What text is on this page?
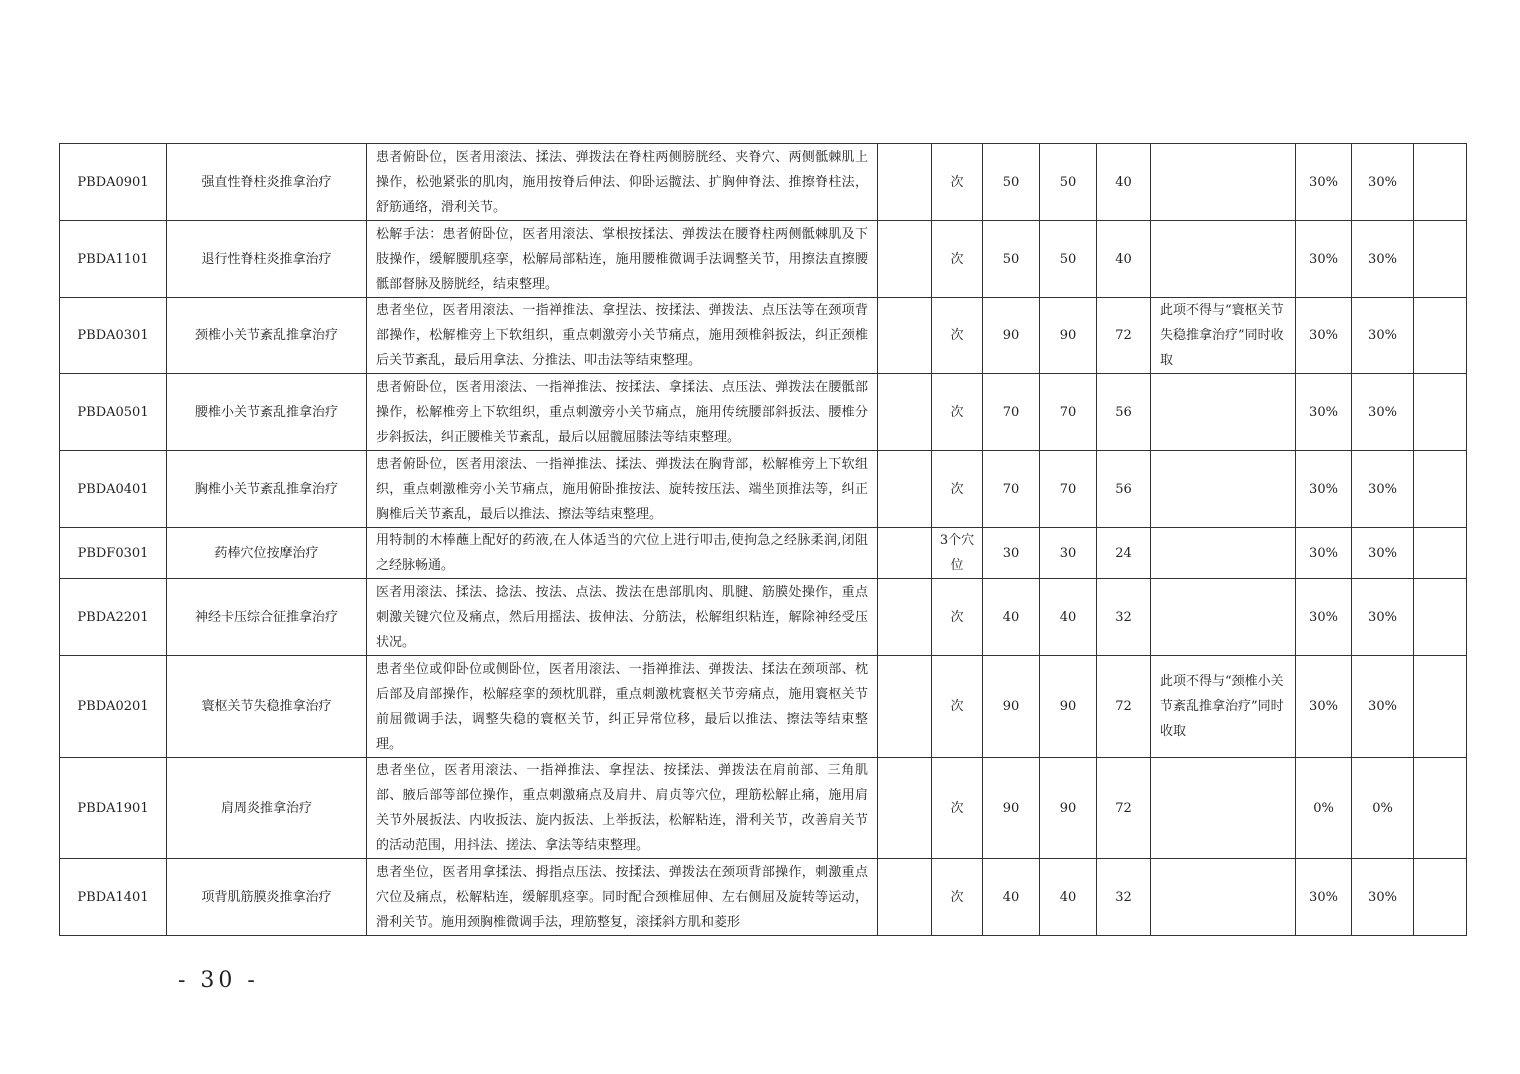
PBDA0901	强直性脊柱炎推拿治疗	患者俯卧位，医者用滚法、揉法、弹拨法在脊柱两侧膀胱经、夹脊穴、两侧骶棘肌上操作，松弛紧张的肌肉，施用按脊后伸法、仰卧运髋法、扩胸伸脊法、推擦脊柱法，舒筋通络，滑利关节。		次	50	50	40		30%	30%	
PBDA1101	退行性脊柱炎推拿治疗	松解手法：患者俯卧位，医者用滚法、掌根按揉法、弹拨法在腰脊柱两侧骶棘肌及下肢操作，缓解腰肌痉挛，松解局部粘连，施用腰椎微调手法调整关节，用擦法直擦腰骶部督脉及膀胱经，结束整理。		次	50	50	40		30%	30%	
PBDA0301	颈椎小关节紊乱推拿治疗	患者坐位，医者用滚法、一指禅推法、拿捏法、按揉法、弹拨法、点压法等在颈项背部操作，松解椎旁上下软组织，重点刺激旁小关节痛点，施用颈椎斜扳法，纠正颈椎后关节紊乱，最后用拿法、分推法、叩击法等结束整理。		次	90	90	72	此项不得与“寰枢关节失稳推拿治疗”同时收取	30%	30%	
PBDA0501	腰椎小关节紊乱推拿治疗	患者俯卧位，医者用滚法、一指禅推法、按揉法、拿揉法、点压法、弹拨法在腰骶部操作，松解椎旁上下软组织，重点刺激旁小关节痛点，施用传统腰部斜扳法、腰椎分步斜扳法，纠正腰椎关节紊乱，最后以屈髋屈膝法等结束整理。		次	70	70	56		30%	30%	
PBDA0401	胸椎小关节紊乱推拿治疗	患者俯卧位，医者用滚法、一指禅推法、揉法、弹拨法在胸背部，松解椎旁上下软组织，重点刺激椎旁小关节痛点，施用俯卧推按法、旋转按压法、端坐顶推法等，纠正胸椎后关节紊乱，最后以推法、擦法等结束整理。		次	70	70	56		30%	30%	
PBDF0301	药棒穴位按摩治疗	用特制的木棒蘸上配好的药液,在人体适当的穴位上进行叩击,使拘急之经脉柔润,闭阻之经脉畅通。		3个穴位	30	30	24		30%	30%	
PBDA2201	神经卡压综合征推拿治疗	医者用滚法、揉法、捻法、按法、点法、拨法在患部肌肉、肌腱、筋膜处操作，重点刺激关键穴位及痛点，然后用摇法、拔伸法、分筋法，松解组织粘连，解除神经受压状况。		次	40	40	32		30%	30%	
PBDA0201	寰枢关节失稳推拿治疗	患者坐位或仰卧位或侧卧位，医者用滚法、一指禅推法、弹拨法、揉法在颈项部、枕后部及肩部操作，松解痉挛的颈枕肌群，重点刺激枕寰枢关节旁痛点，施用寰枢关节前屈微调手法，调整失稳的寰枢关节，纠正异常位移，最后以推法、擦法等结束整理。		次	90	90	72	此项不得与“颈椎小关节紊乱推拿治疗”同时收取	30%	30%	
PBDA1901	肩周炎推拿治疗	患者坐位，医者用滚法、一指禅推法、拿捏法、按揉法、弹拨法在肩前部、三角肌部、腋后部等部位操作，重点刺激痛点及肩井、肩贞等穴位，理筋松解止痛，施用肩关节外展扳法、内收扳法、旋内扳法、上举扳法，松解粘连，滑利关节，改善肩关节的活动范围，用抖法、搓法、拿法等结束整理。		次	90	90	72		0%	0%	
PBDA1401	项背肌筋膜炎推拿治疗	患者坐位，医者用拿揉法、拇指点压法、按揉法、弹拨法在颈项背部操作，刺激重点穴位及痛点，松解粘连，缓解肌痉挛。同时配合颈椎屈伸、左右侧屈及旋转等运动，滑利关节。施用颈胸椎微调手法，理筋整复，滚揉斜方肌和菱形		次	40	40	32		30%	30%	
- 30 -
